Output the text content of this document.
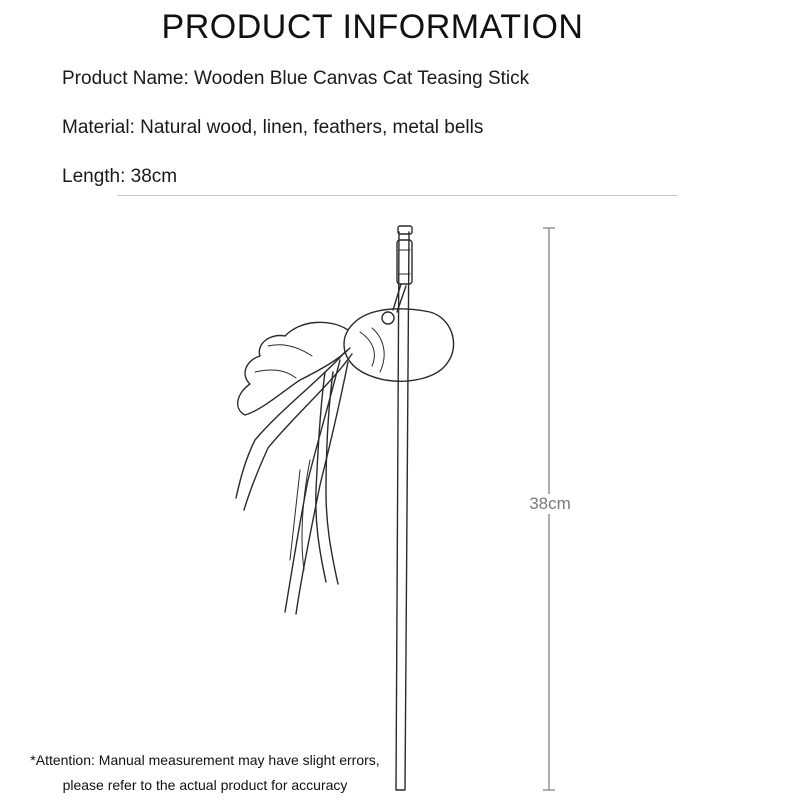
PRODUCT INFORMATION
Product Name: Wooden Blue Canvas Cat Teasing Stick
Material: Natural wood, linen, feathers, metal bells
Length: 38cm
38cm
*Attention: Manual measurement may have slight errors,
please refer to the actual product for accuracy
